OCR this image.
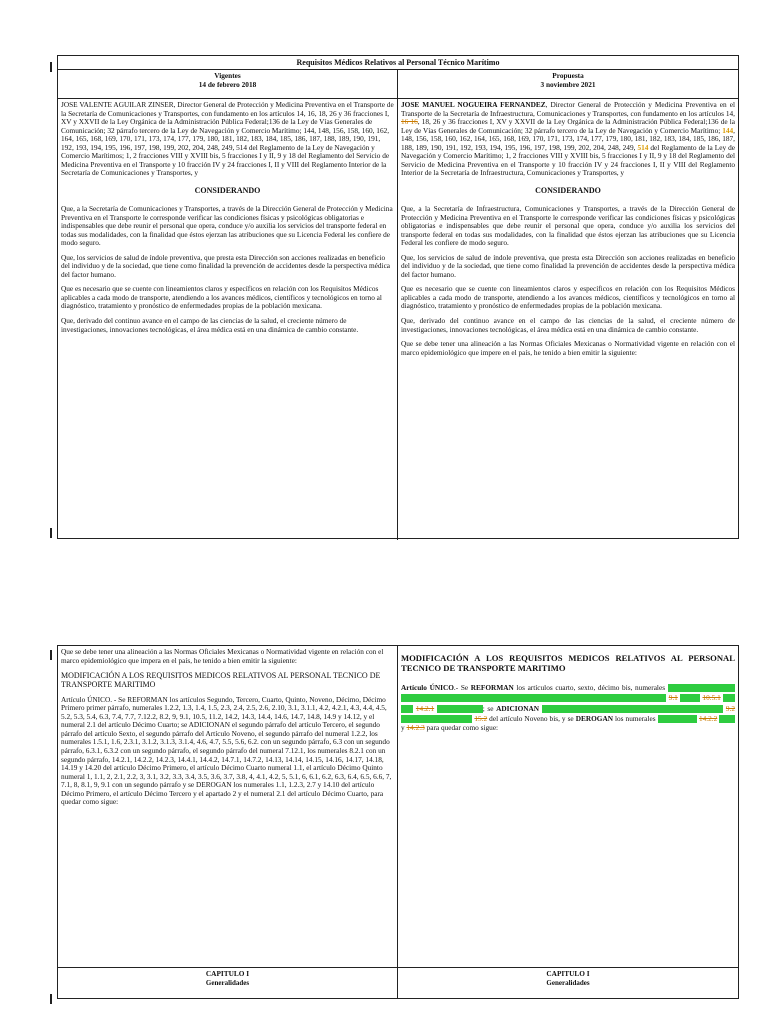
Requisitos Médicos Relativos al Personal Técnico Marítimo
Vigentes
14 de febrero 2018
Propuesta
3 noviembre 2021

JOSE VALENTE AGUILAR ZINSER, Director General de Protección y Medicina Preventiva en el Transporte de la Secretaría de Comunicaciones y Transportes, con fundamento en los artículos 14, 16, 18, 26 y 36 fracciones I, XV y XXVII de la Ley Orgánica de la Administración Pública Federal;136 de la Ley de Vías Generales de Comunicación; 32 párrafo tercero de la Ley de Navegación y Comercio Marítimo; 144, 148, 156, 158, 160, 162, 164, 165, 168, 169, 170, 171, 173, 174, 177, 179, 180, 181, 182, 183, 184, 185, 186, 187, 188, 189, 190, 191, 192, 193, 194, 195, 196, 197, 198, 199, 202, 204, 248, 249, 514 del Reglamento de la Ley de Navegación y Comercio Marítimos; 1, 2 fracciones VIII y XVIII bis, 5 fracciones I y II, 9 y 18 del Reglamento del Servicio de Medicina Preventiva en el Transporte y 10 fracción IV y 24 fracciones I, II y VIII del Reglamento Interior de la Secretaría de Comunicaciones y Transportes, y

CONSIDERANDO

Que, a la Secretaría de Comunicaciones y Transportes, a través de la Dirección General de Protección y Medicina Preventiva en el Transporte le corresponde verificar las condiciones físicas y psicológicas obligatorias e indispensables que debe reunir el personal que opera, conduce y/o auxilia los servicios del transporte federal en todas sus modalidades, con la finalidad que éstos ejerzan las atribuciones que su Licencia Federal les confiere de modo seguro.

Que, los servicios de salud de índole preventiva, que presta esta Dirección son acciones realizadas en beneficio del individuo y de la sociedad, que tiene como finalidad la prevención de accidentes desde la perspectiva médica del factor humano.

Que es necesario que se cuente con lineamientos claros y específicos en relación con los Requisitos Médicos aplicables a cada modo de transporte, atendiendo a los avances médicos, científicos y tecnológicos en torno al diagnóstico, tratamiento y pronóstico de enfermedades propias de la población mexicana.

Que, derivado del continuo avance en el campo de las ciencias de la salud, el creciente número de investigaciones, innovaciones tecnológicas, el área médica está en una dinámica de cambio constante.

JOSE MANUEL NOGUEIRA FERNANDEZ, Director General de Protección y Medicina Preventiva en el Transporte de la Secretaría de Infraestructura, Comunicaciones y Transportes, con fundamento en los artículos 14, 16 16, 18, 26 y 36 fracciones I, XV y XXVII de la Ley Orgánica de la Administración Pública Federal;136 de la Ley de Vías Generales de Comunicación; 32 párrafo tercero de la Ley de Navegación y Comercio Marítimo; 144, 148, 156, 158, 160, 162, 164, 165, 168, 169, 170, 171, 173, 174, 177, 179, 180, 181, 182, 183, 184, 185, 186, 187, 188, 189, 190, 191, 192, 193, 194, 195, 196, 197, 198, 199, 202, 204, 248, 249, 514 del Reglamento de la Ley de Navegación y Comercio Marítimo; 1, 2 fracciones VIII y XVIII bis, 5 fracciones I y II, 9 y 18 del Reglamento del Servicio de Medicina Preventiva en el Transporte y 10 fracción IV y 24 fracciones I, II y VIII del Reglamento Interior de la Secretaría de Infraestructura, Comunicaciones y Transportes, y

CONSIDERANDO

Que, a la Secretaría de Infraestructura, Comunicaciones y Transportes, a través de la Dirección General de Protección y Medicina Preventiva en el Transporte le corresponde verificar las condiciones físicas y psicológicas obligatorias e indispensables que debe reunir el personal que opera, conduce y/o auxilia los servicios del transporte federal en todas sus modalidades, con la finalidad que éstos ejerzan las atribuciones que su Licencia Federal les confiere de modo seguro.

Que, los servicios de salud de índole preventiva, que presta esta Dirección son acciones realizadas en beneficio del individuo y de la sociedad, que tiene como finalidad la prevención de accidentes desde la perspectiva médica del factor humano.

Que es necesario que se cuente con lineamientos claros y específicos en relación con los Requisitos Médicos aplicables a cada modo de transporte, atendiendo a los avances médicos, científicos y tecnológicos en torno al diagnóstico, tratamiento y pronóstico de enfermedades propias de la población mexicana.

Que, derivado del continuo avance en el campo de las ciencias de la salud, el creciente número de investigaciones, innovaciones tecnológicas, el área médica está en una dinámica de cambio constante.

Que se debe tener una alineación a las Normas Oficiales Mexicanas o Normatividad vigente en relación con el marco epidemiológico que impere en el país, he tenido a bien emitir la siguiente:

Que se debe tener una alineación a las Normas Oficiales Mexicanas o Normatividad vigente en relación con el marco epidemiológico que impera en el país, he tenido a bien emitir la siguiente:

MODIFICACIÓN A LOS REQUISITOS MEDICOS RELATIVOS AL PERSONAL TECNICO DE TRANSPORTE MARITIMO

Artículo ÚNICO. - Se REFORMAN los artículos Segundo, Tercero, Cuarto, Quinto, Noveno, Décimo, Décimo Primero primer párrafo, numerales 1.2.2, 1.3, 1.4, 1.5, 2.3, 2.4, 2.5, 2.6, 2.10, 3.1, 3.1.1, 4.2, 4.2.1, 4.3, 4.4, 4.5, 5.2, 5.3, 5.4, 6.3, 7.4, 7.7, 7.12.2, 8.2, 9, 9.1, 10.5, 11.2, 14.2, 14.3, 14.4, 14.6, 14.7, 14.8, 14.9 y 14.12, y el numeral 2.1 del artículo Décimo Cuarto; se ADICIONAN el segundo párrafo del artículo Tercero, el segundo párrafo del artículo Sexto, el segundo párrafo del Artículo Noveno, el segundo párrafo del numeral 1.2.2, los numerales 1.5.1, 1.6, 2.3.1, 3.1.2, 3.1.3, 3.1.4, 4.6, 4.7, 5.5, 5.6, 6.2. con un segundo párrafo, 6.3 con un segundo párrafo, 6.3.1, 6.3.2 con un segundo párrafo, el segundo párrafo del numeral 7.12.1, los numerales 8.2.1 con un segundo párrafo, 14.2.1, 14.2.2, 14.2.3, 14.4.1, 14.4.2, 14.7.1, 14.7.2, 14.13, 14.14, 14.15, 14.16, 14.17, 14.18, 14.19 y 14.20 del artículo Décimo Primero, el artículo Décimo Cuarto numeral 1.1, el artículo Décimo Quinto numeral 1, 1.1, 2, 2.1, 2.2, 3, 3.1, 3.2, 3.3, 3.4, 3.5, 3.6, 3.7, 3.8, 4, 4.1, 4.2, 5, 5.1, 6, 6.1, 6.2, 6.3, 6.4, 6.5, 6.6, 7, 7.1, 8, 8.1, 9, 9.1 con un segundo párrafo y se DEROGAN los numerales 1.1, 1.2.3, 2.7 y 14.10 del artículo Décimo Primero, el artículo Décimo Tercero y el apartado 2 y el numeral 2.1 del artículo Décimo Cuarto, para quedar como sigue:

MODIFICACIÓN A LOS REQUISITOS MEDICOS RELATIVOS AL PERSONAL TECNICO DE TRANSPORTE MARITIMO

Artículo ÚNICO.- Se REFORMAN los artículos cuarto, sexto, décimo bis, numerales 1.2.2 1.3 1.4 1.5 2.3 2.4 2.5 2.6 2.10 3.1 3.1.1 4.2 4.2.1 4.3 4.4 4.5 5.2 5.3 5.4 6.3 7.4 7.7 7.12.2 8.2 9.1 9 10.5 10.5.1 11.2 14.2 14.2.1 14.3 14.4 14.6; se ADICIONAN 1.5.1 1.6 2.3.1 3.1.2 3.1.3 3.1.4 4.6 4.7 5.5 5.6 6.2 6.3 9.2 6.3.1 6.3.2 7.12.1 8.2.1 15.2 del artículo Noveno bis, y se DEROGAN los numerales 1.1 1.2.3 2.7 14.2.2 14.10 y 14.2.3 para quedar como sigue:

CAPITULO I
Generalidades
CAPITULO I
Generalidades
